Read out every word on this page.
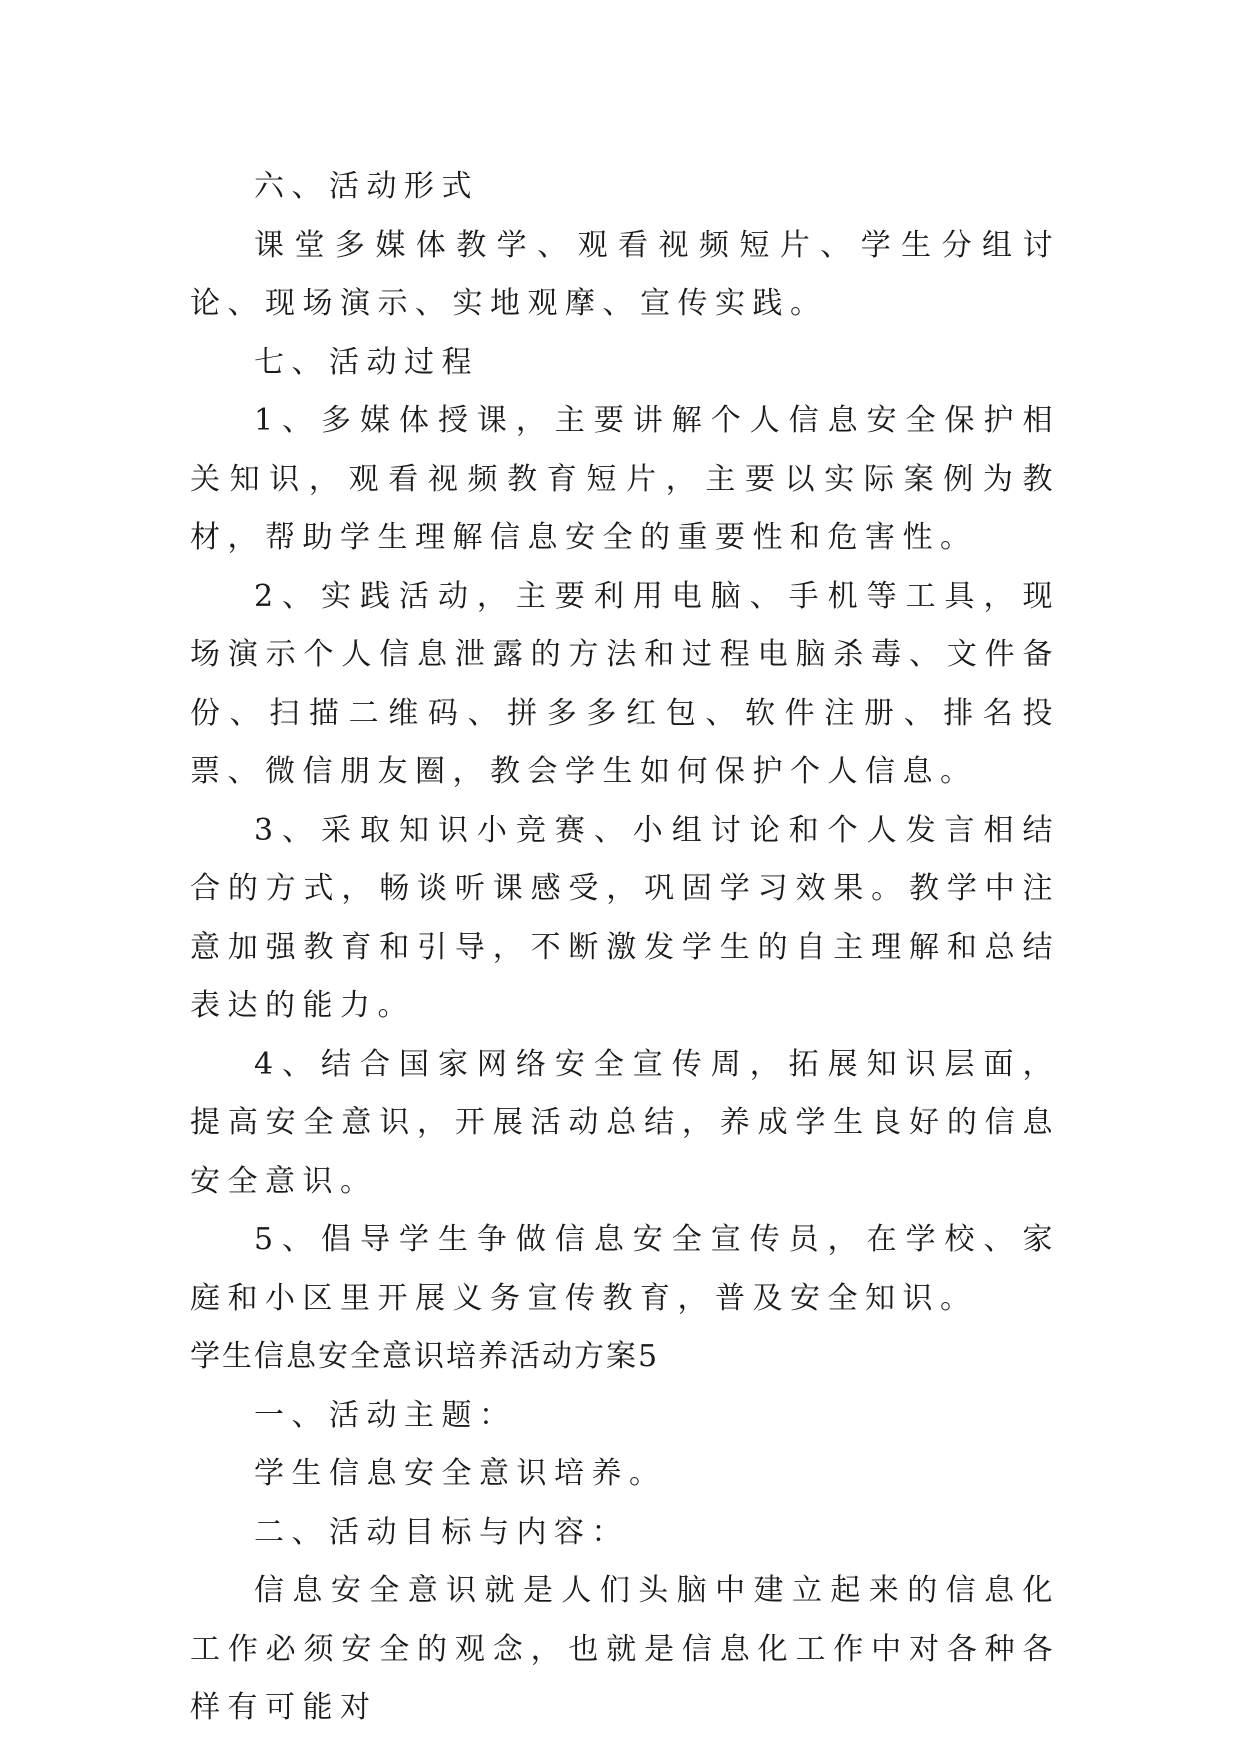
六、活动形式

课堂多媒体教学、观看视频短片、学生分组讨论、现场演示、实地观摩、宣传实践。

七、活动过程

1、多媒体授课，主要讲解个人信息安全保护相关知识，观看视频教育短片，主要以实际案例为教材，帮助学生理解信息安全的重要性和危害性。

2、实践活动，主要利用电脑、手机等工具，现场演示个人信息泄露的方法和过程电脑杀毒、文件备份、扫描二维码、拼多多红包、软件注册、排名投票、微信朋友圈，教会学生如何保护个人信息。

3、采取知识小竞赛、小组讨论和个人发言相结合的方式，畅谈听课感受，巩固学习效果。教学中注意加强教育和引导，不断激发学生的自主理解和总结表达的能力。

4、结合国家网络安全宣传周，拓展知识层面，提高安全意识，开展活动总结，养成学生良好的信息安全意识。

5、倡导学生争做信息安全宣传员，在学校、家庭和小区里开展义务宣传教育，普及安全知识。

学生信息安全意识培养活动方案5

一、活动主题：

学生信息安全意识培养。

二、活动目标与内容：

信息安全意识就是人们头脑中建立起来的信息化工作必须安全的观念，也就是信息化工作中对各种各样有可能对
